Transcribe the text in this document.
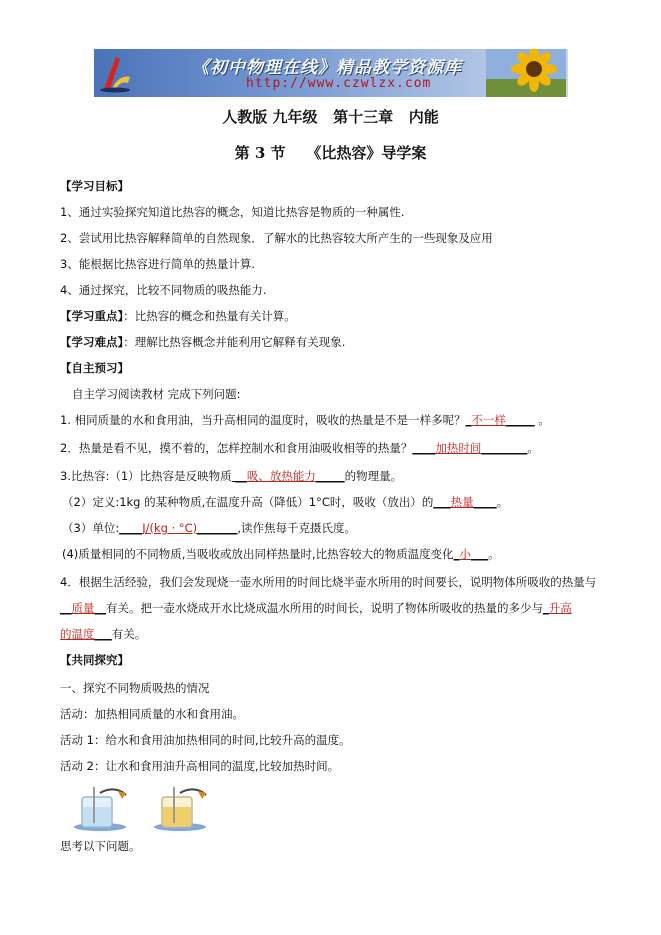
《初中物理在线》精品教学资源库
http://www.czwlzx.com
人教版 九年级   第十三章   内能
第 3 节    《比热容》导学案
【学习目标】
1、通过实验探究知道比热容的概念，知道比热容是物质的一种属性.
2、尝试用比热容解释简单的自然现象．了解水的比热容较大所产生的一些现象及应用
3、能根据比热容进行简单的热量计算.
4、通过探究，比较不同物质的吸热能力.
【学习重点】：比热容的概念和热量有关计算。
【学习难点】：理解比热容概念并能利用它解释有关现象.
【自主预习】
自主学习阅读教材 完成下列问题:
1. 相同质量的水和食用油，当升高相同的温度时，吸收的热量是不是一样多呢？_不一样_____ 。
2．热量是看不见，摸不着的，怎样控制水和食用油吸收相等的热量？____加热时间________。
3.比热容:（1）比热容是反映物质 __吸、放热能力_____的物理量。
（2）定义:1kg 的某种物质,在温度升高（降低）1°C时，吸收（放出）的___热量____。
（3）单位:____J/(kg · °C)_______,读作焦每千克摄氏度。
(4)质量相同的不同物质,当吸收或放出同样热量时,比热容较大的物质温度变化_小___。
4．根据生活经验，我们会发现烧一壶水所用的时间比烧半壶水所用的时间要长，说明物体所吸收的热量与
__质量__有关。把一壶水烧成开水比烧成温水所用的时间长，说明了物体所吸收的热量的多少与_升高
的温度___有关。
【共同探究】
一、探究不同物质吸热的情况
活动：加热相同质量的水和食用油。
活动 1：给水和食用油加热相同的时间,比较升高的温度。
活动 2：让水和食用油升高相同的温度,比较加热时间。
思考以下问题。
